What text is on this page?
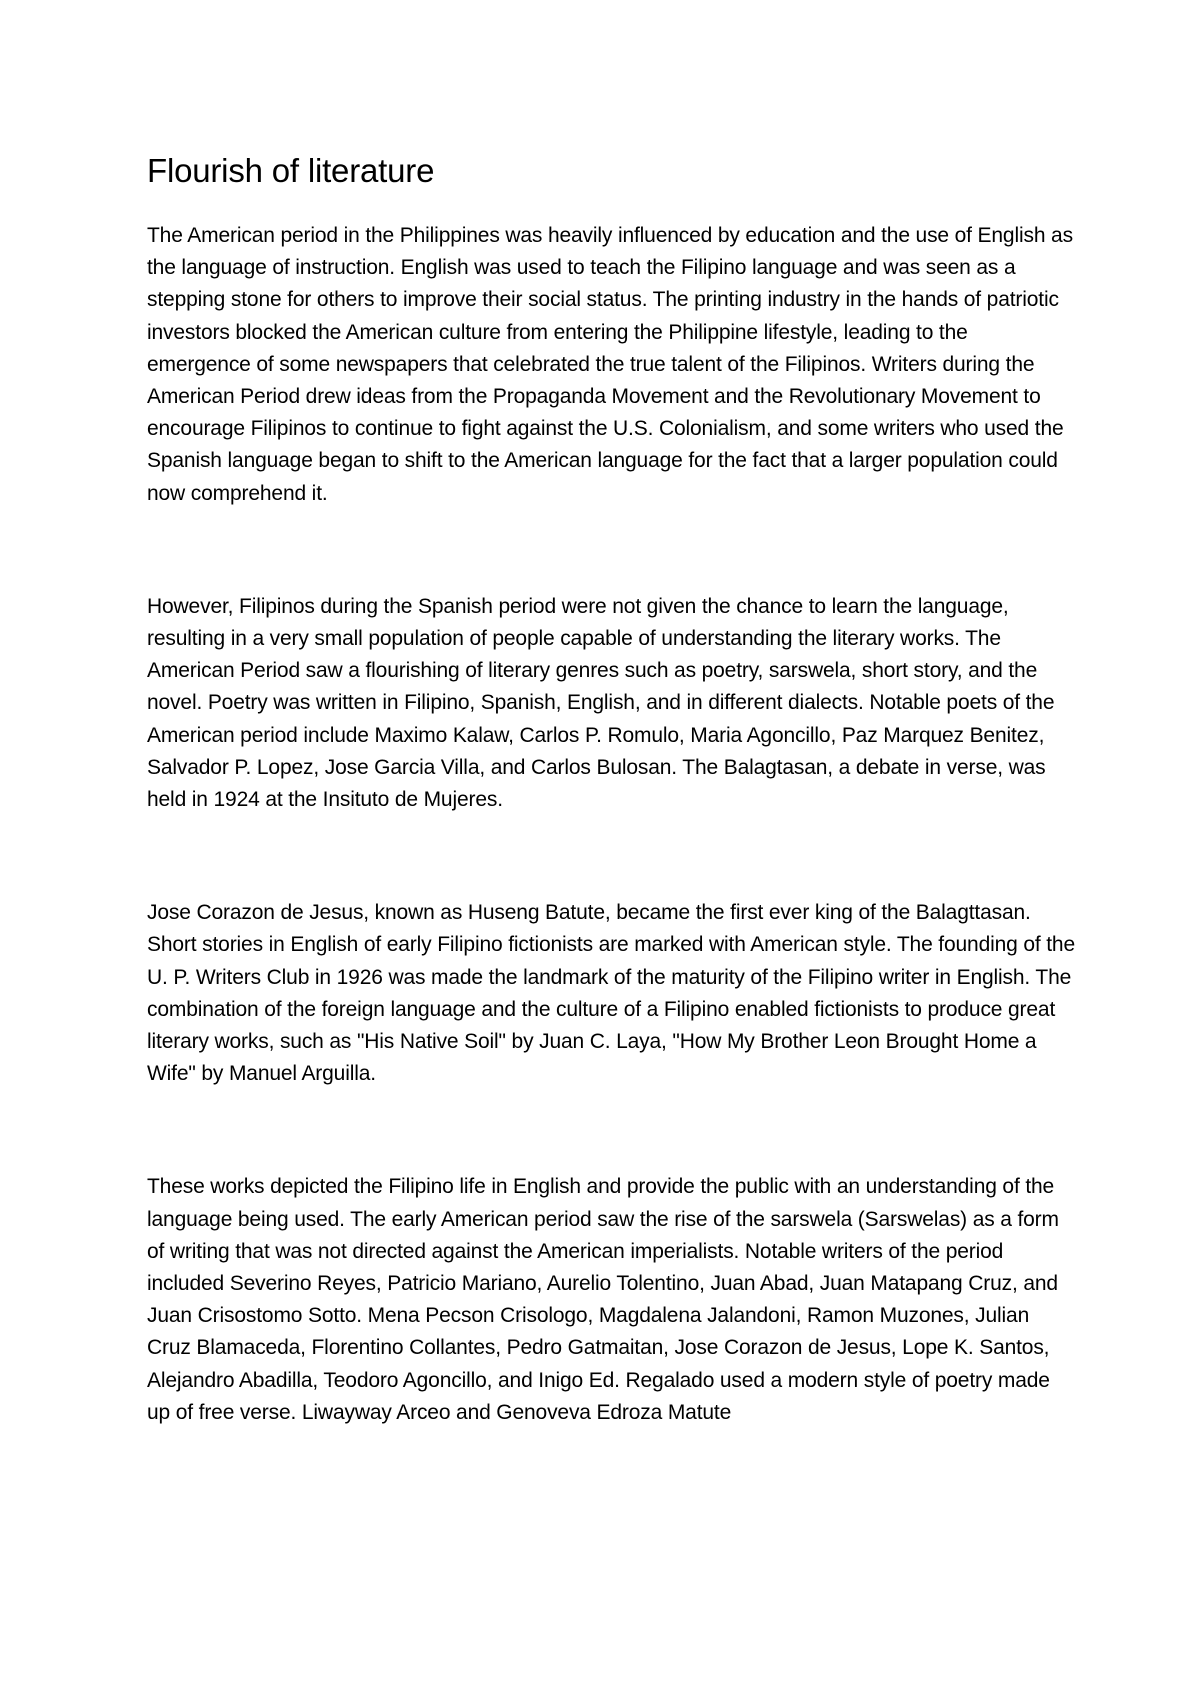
Flourish of literature

The American period in the Philippines was heavily influenced by education and the use of English as the language of instruction. English was used to teach the Filipino language and was seen as a stepping stone for others to improve their social status. The printing industry in the hands of patriotic investors blocked the American culture from entering the Philippine lifestyle, leading to the emergence of some newspapers that celebrated the true talent of the Filipinos. Writers during the American Period drew ideas from the Propaganda Movement and the Revolutionary Movement to encourage Filipinos to continue to fight against the U.S. Colonialism, and some writers who used the Spanish language began to shift to the American language for the fact that a larger population could now comprehend it.

However, Filipinos during the Spanish period were not given the chance to learn the language, resulting in a very small population of people capable of understanding the literary works. The American Period saw a flourishing of literary genres such as poetry, sarswela, short story, and the novel. Poetry was written in Filipino, Spanish, English, and in different dialects. Notable poets of the American period include Maximo Kalaw, Carlos P. Romulo, Maria Agoncillo, Paz Marquez Benitez, Salvador P. Lopez, Jose Garcia Villa, and Carlos Bulosan. The Balagtasan, a debate in verse, was held in 1924 at the Insituto de Mujeres.

Jose Corazon de Jesus, known as Huseng Batute, became the first ever king of the Balagttasan. Short stories in English of early Filipino fictionists are marked with American style. The founding of the U. P. Writers Club in 1926 was made the landmark of the maturity of the Filipino writer in English. The combination of the foreign language and the culture of a Filipino enabled fictionists to produce great literary works, such as "His Native Soil" by Juan C. Laya, "How My Brother Leon Brought Home a Wife" by Manuel Arguilla.

These works depicted the Filipino life in English and provide the public with an understanding of the language being used. The early American period saw the rise of the sarswela (Sarswelas) as a form of writing that was not directed against the American imperialists. Notable writers of the period included Severino Reyes, Patricio Mariano, Aurelio Tolentino, Juan Abad, Juan Matapang Cruz, and Juan Crisostomo Sotto. Mena Pecson Crisologo, Magdalena Jalandoni, Ramon Muzones, Julian Cruz Blamaceda, Florentino Collantes, Pedro Gatmaitan, Jose Corazon de Jesus, Lope K. Santos, Alejandro Abadilla, Teodoro Agoncillo, and Inigo Ed. Regalado used a modern style of poetry made up of free verse. Liwayway Arceo and Genoveva Edroza Matute
